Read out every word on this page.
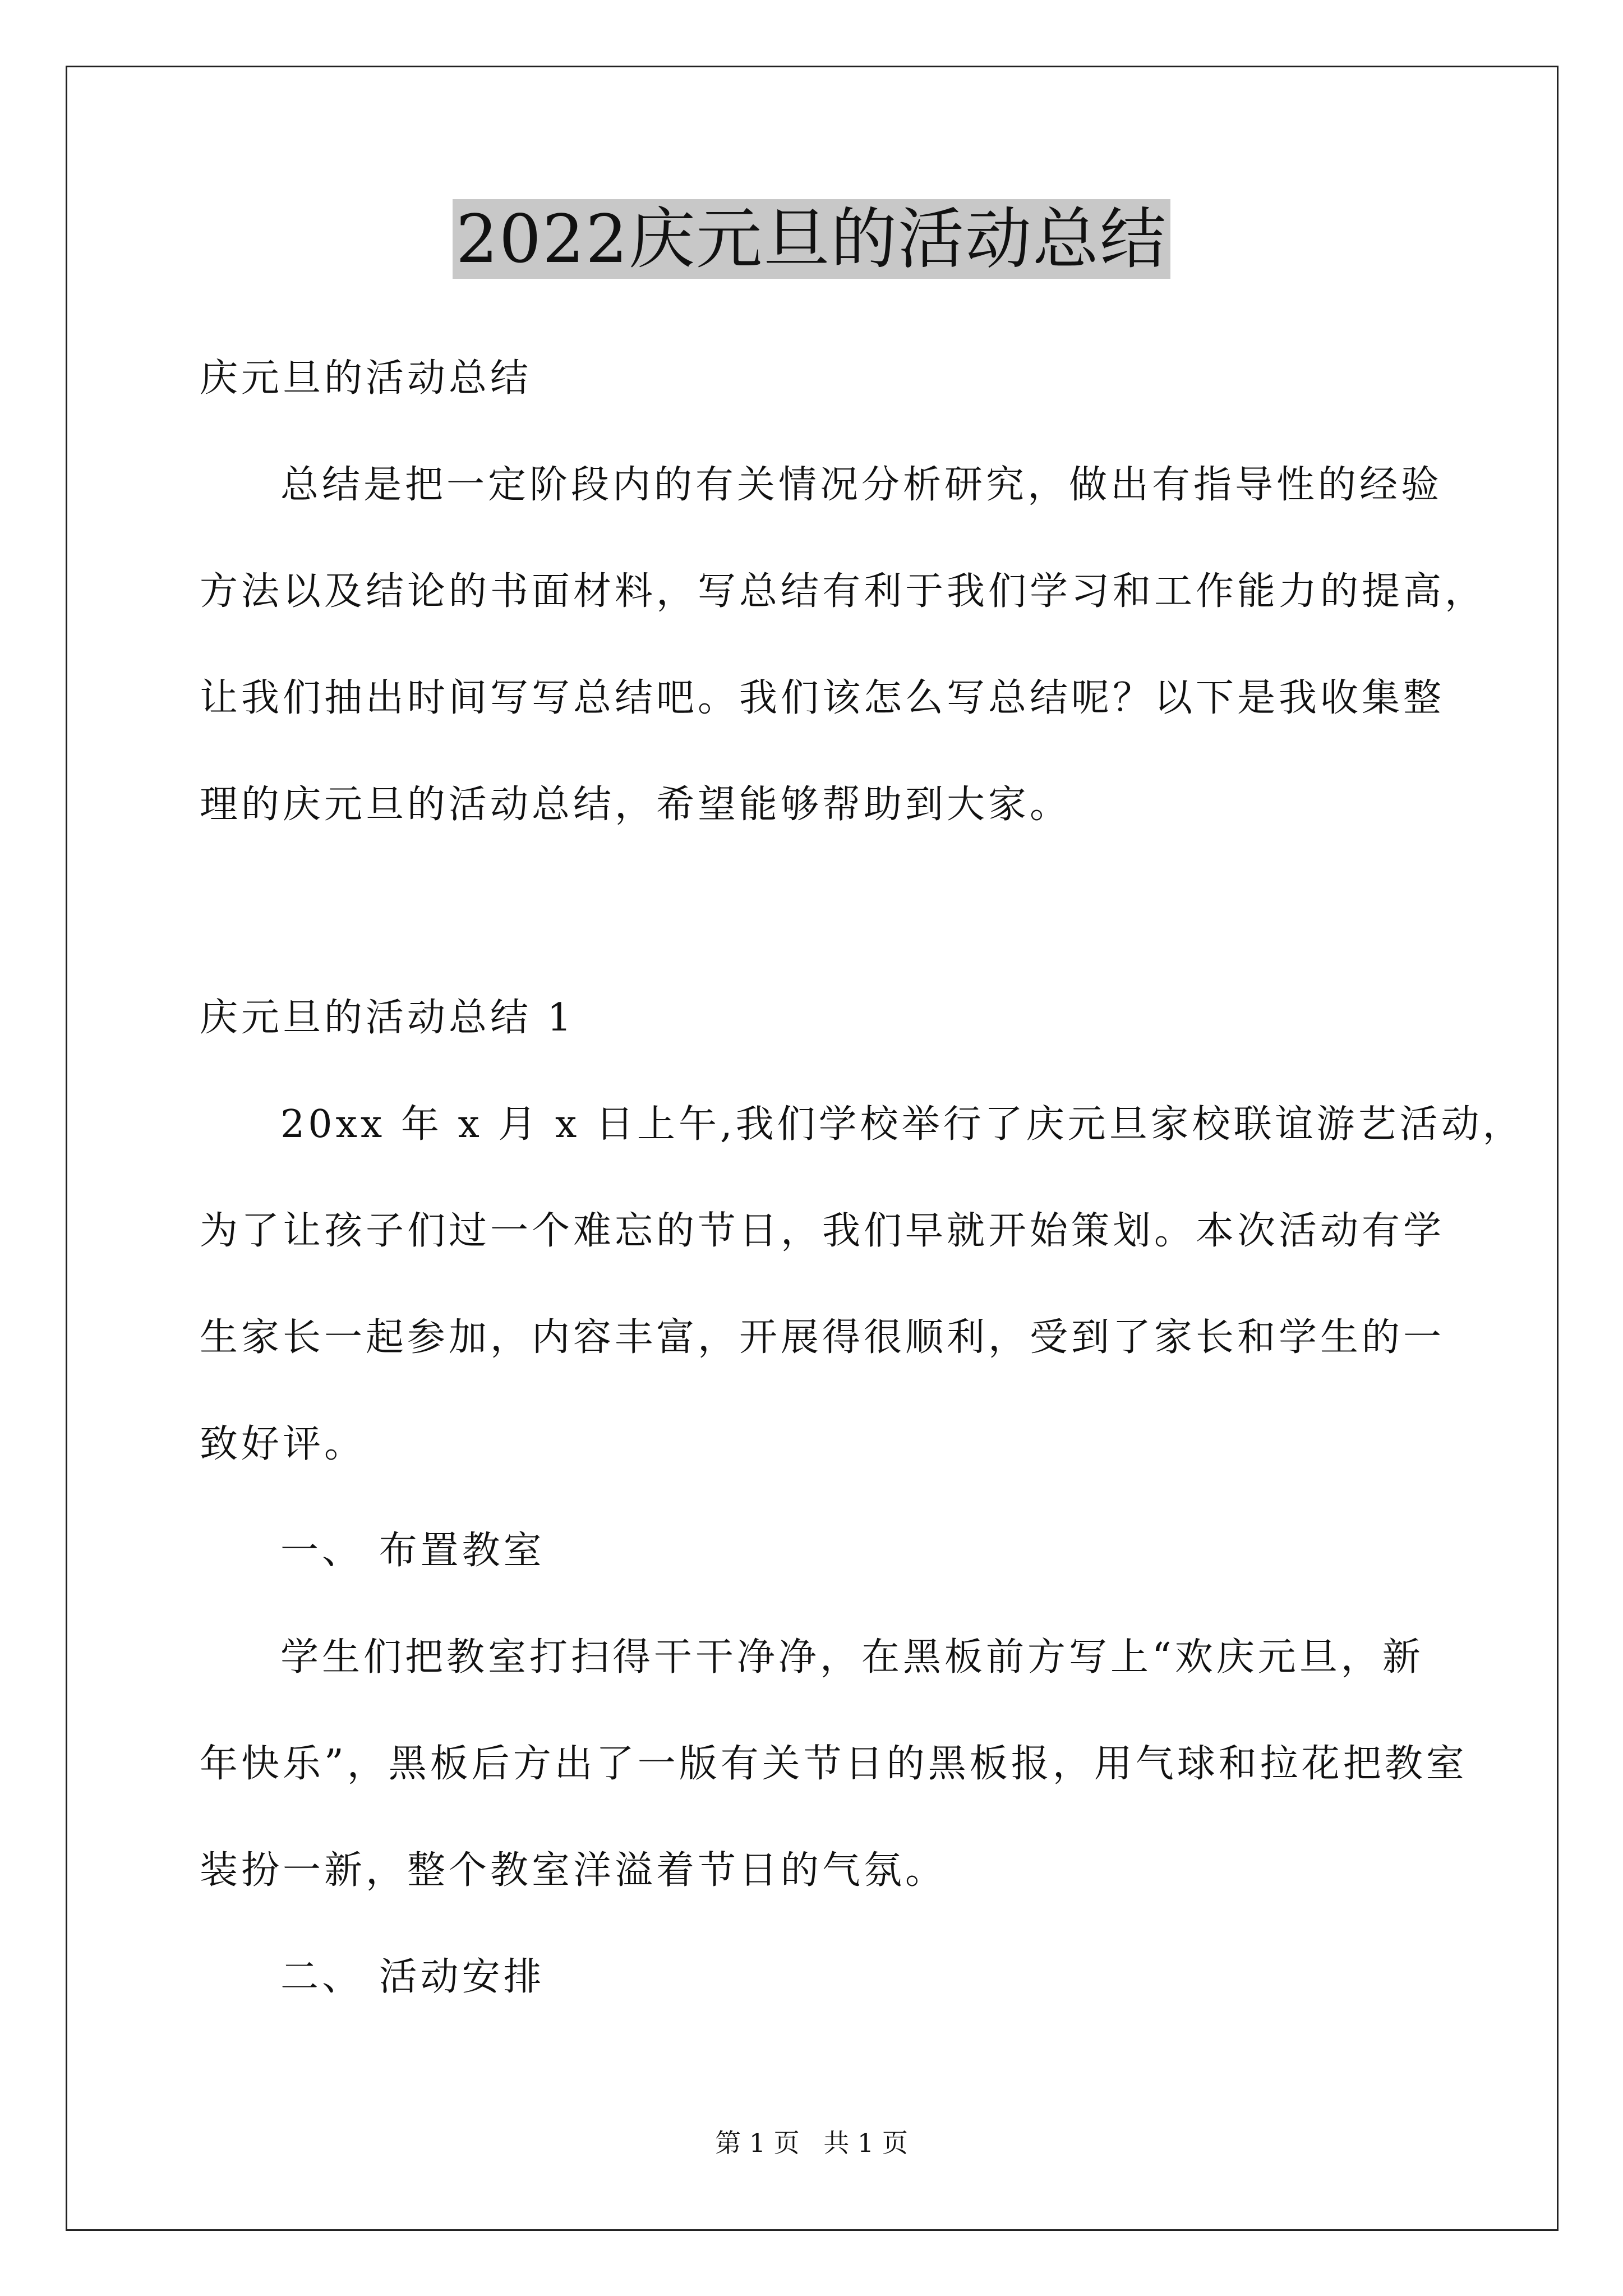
2022庆元旦的活动总结
庆元旦的活动总结
总结是把一定阶段内的有关情况分析研究，做出有指导性的经验
方法以及结论的书面材料，写总结有利于我们学习和工作能力的提高，
让我们抽出时间写写总结吧。我们该怎么写总结呢？以下是我收集整
理的庆元旦的活动总结，希望能够帮助到大家。
庆元旦的活动总结 1
20xx 年 x 月 x 日上午,我们学校举行了庆元旦家校联谊游艺活动，
为了让孩子们过一个难忘的节日，我们早就开始策划。本次活动有学
生家长一起参加，内容丰富，开展得很顺利，受到了家长和学生的一
致好评。
一、 布置教室
学生们把教室打扫得干干净净，在黑板前方写上“欢庆元旦，新
年快乐”，黑板后方出了一版有关节日的黑板报，用气球和拉花把教室
装扮一新，整个教室洋溢着节日的气氛。
二、 活动安排
第 1 页 共 1 页
